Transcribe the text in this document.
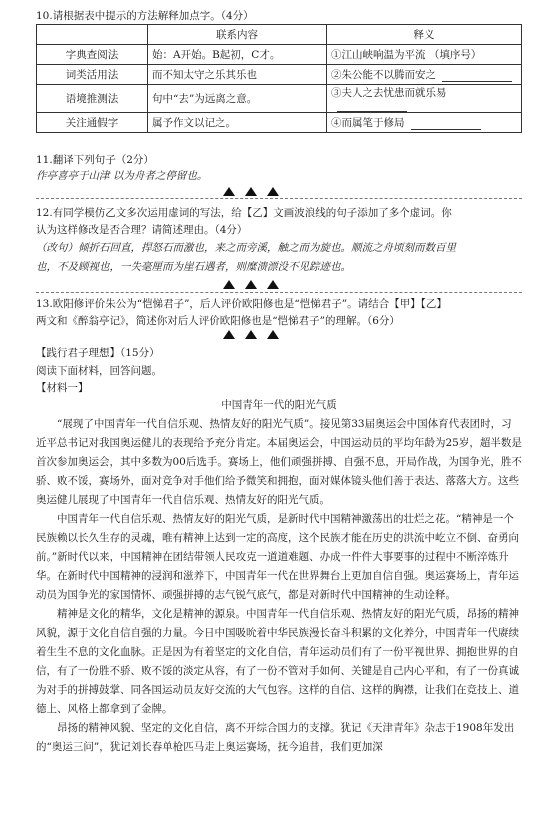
10.请根据表中提示的方法解释加点字。（4分）
	联系内容	释义
字典查阅法	始：A开始。B起初，C才。	①江山峡响温为平流 （填序号）
词类活用法	而不知太守之乐其乐也	②朱公能不以腾而安之
语境推测法	句中“去”为远离之意。	③夫人之去忧患而就乐易
关注通假字	属予作文以记之。	④而属笔于修局
11.翻译下列句子（2分）
作亭喜亭于山津 以为舟者之停留也。
12.有同学模仿乙文多次运用虚词的写法，给【乙】文画波浪线的句子添加了多个虚词。你
认为这样修改是否合理？请简述理由。（4分）
（改句）倾折石回直，捍怒石而激也，来之而旁溪，触之而为旋也。顺流之舟顷刻而数百里
也，不及顾视也，一失毫厘而为崖石遇者，则糜溃漂没不见踪迹也。
13.欧阳修评价朱公为“恺悌君子”，后人评价欧阳修也是“恺悌君子”。请结合【甲】【乙】
两文和《醉翁亭记》，简述你对后人评价欧阳修也是“恺悌君子”的理解。（6分）
【践行君子理想】（15分）
阅读下面材料，回答问题。
【材料一】

中国青年一代的阳光气质

“展现了中国青年一代自信乐观、热情友好的阳光气质”。接见第33届奥运会中国体育代表团时，习近平总书记对我国奥运健儿的表现给予充分肯定。本届奥运会，中国运动员的平均年龄为25岁，超半数是首次参加奥运会，其中多数为00后选手。赛场上，他们顽强拼搏、自强不息，开局作战，为国争光，胜不骄、败不馁，赛场外，面对竞争对手他们给予微笑和拥抱，面对媒体镜头他们善于表达、落落大方。这些奥运健儿展现了中国青年一代自信乐观、热情友好的阳光气质。

中国青年一代自信乐观、热情友好的阳光气质，是新时代中国精神激荡出的壮烂之花。“精神是一个民族赖以长久生存的灵魂，唯有精神上达到一定的高度，这个民族才能在历史的洪流中屹立不倒、奋勇向前。”新时代以来，中国精神在团结带领人民攻克一道道难题、办成一件件大事要事的过程中不断淬炼升华。在新时代中国精神的浸润和滋养下，中国青年一代在世界舞台上更加自信自强。奥运赛场上，青年运动员为国争光的家国情怀、顽强拼搏的志气锐气底气，都是对新时代中国精神的生动诠释。

精神是文化的精华，文化是精神的源泉。中国青年一代自信乐观、热情友好的阳光气质，昂扬的精神风貌，源于文化自信自强的力量。今日中国吸吮着中华民族漫长奋斗积累的文化养分，中国青年一代赓续着生生不息的文化血脉。正是因为有着坚定的文化自信，青年运动员们有了一份平视世界、拥抱世界的自信，有了一份胜不骄、败不馁的淡定从容，有了一份不管对手如何、关键是自己内心平和，有了一份真诚为对手的拼搏鼓掌、同各国运动员友好交流的大气包容。这样的自信、这样的胸襟，让我们在竞技上、道德上、风格上都拿到了金牌。

昂扬的精神风貌、坚定的文化自信，离不开综合国力的支撑。犹记《天津青年》杂志于1908年发出的“奥运三问”，犹记刘长春单枪匹马走上奥运赛场，抚今追昔，我们更加深
